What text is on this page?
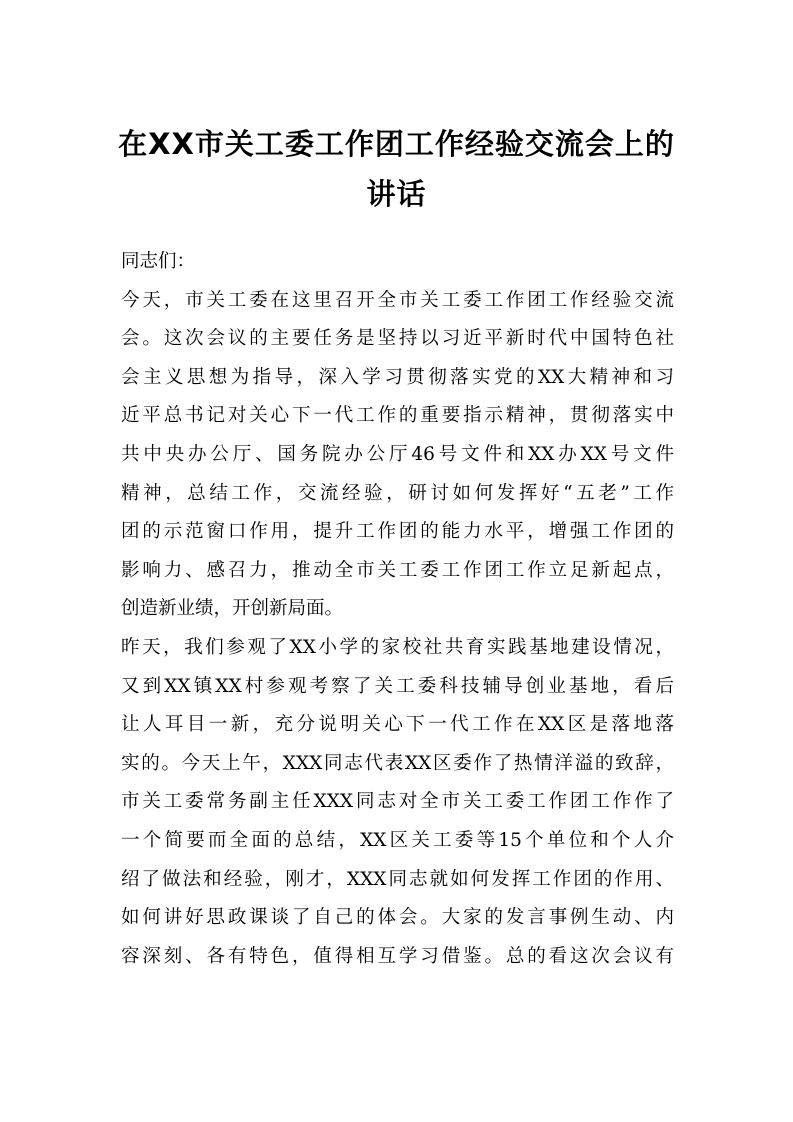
在XX市关工委工作团工作经验交流会上的
讲话
同志们：
今天，市关工委在这里召开全市关工委工作团工作经验交流
会。这次会议的主要任务是坚持以习近平新时代中国特色社
会主义思想为指导，深入学习贯彻落实党的XX大精神和习
近平总书记对关心下一代工作的重要指示精神，贯彻落实中
共中央办公厅、国务院办公厅46号文件和XX办XX号文件
精神，总结工作，交流经验，研讨如何发挥好“五老”工作
团的示范窗口作用，提升工作团的能力水平，增强工作团的
影响力、感召力，推动全市关工委工作团工作立足新起点，
创造新业绩，开创新局面。
昨天，我们参观了XX小学的家校社共育实践基地建设情况，
又到XX镇XX村参观考察了关工委科技辅导创业基地，看后
让人耳目一新，充分说明关心下一代工作在XX区是落地落
实的。今天上午，XXX同志代表XX区委作了热情洋溢的致辞，
市关工委常务副主任XXX同志对全市关工委工作团工作作了
一个简要而全面的总结，XX区关工委等15个单位和个人介
绍了做法和经验，刚才，XXX同志就如何发挥工作团的作用、
如何讲好思政课谈了自己的体会。大家的发言事例生动、内
容深刻、各有特色，值得相互学习借鉴。总的看这次会议有
